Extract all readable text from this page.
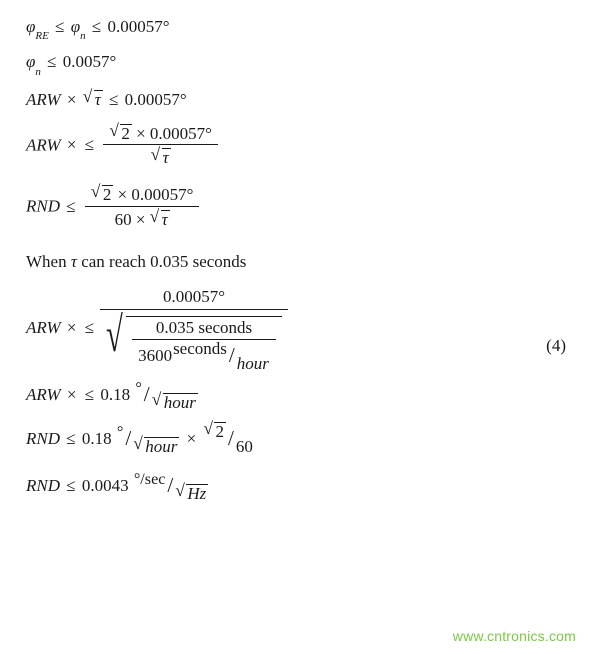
$\varphi_{RE} \le \varphi_n \le 0.00057^\circ$
$\varphi_n \le 0.0057^\circ$
ARW × √ τ ≤ 0.00057°
ARW × ≤ √ 2 × 0.00057°
√ τ
RND ≤ √ $\frac{2 \times 0.00057^\circ}{60 \times √ \tau}$
When τ can reach 0.035 seconds
(4)
ARW × ≤
0.00057°
√ $\frac{\text{0.035 seconds}}{\text{3600seconds/ hour}}$
ARW × ≤ 0.18 °/ √ hour
RND ≤ 0.18 °/ √ hour × √ 2 / 60
RND ≤ 0.0043 °/sec/ √ Hz
www.cntronics.com
